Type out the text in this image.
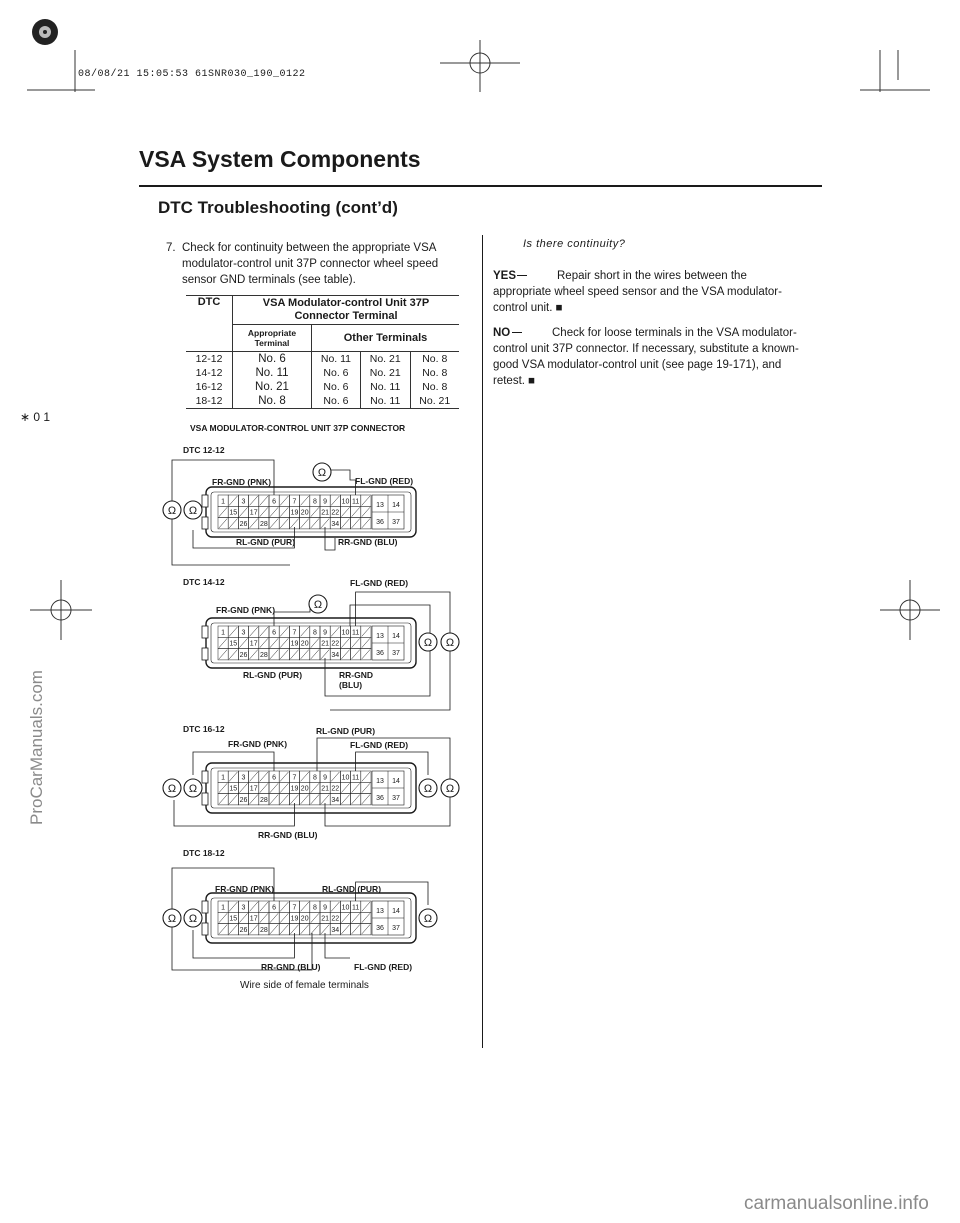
08/08/21 15:05:53 61SNR030_190_0122
VSA System Components
DTC Troubleshooting (cont’d)
∗ 0 1
7. Check for continuity between the appropriate VSA modulator-control unit 37P connector wheel speed sensor GND terminals (see table).
DTC	VSA Modulator-control Unit 37P Connector Terminal			
	Appropriate Terminal	Other Terminals		
12-12	No. 6	No. 11	No. 21	No. 8
14-12	No. 11	No. 6	No. 21	No. 8
16-12	No. 21	No. 6	No. 11	No. 8
18-12	No. 8	No. 6	No. 11	No. 21
VSA MODULATOR-CONTROL UNIT 37P CONNECTOR
1 3	6 7 8 9 10 11
15 17	19 20 21 22
26 28	34
13 14
36 37
DTC 12-12
FR-GND (PNK)	FL-GND (RED)
RL-GND (PUR)	RR-GND (BLU)
Ω
Ω
Ω
1 3	6 7 8 9 10 11
15 17	19 20 21 22
26 28	34
13 14
36 37
DTC 14-12
FR-GND (PNK)
FL-GND (RED)
RL-GND (PUR)	RR-GND
(BLU)
Ω
Ω
Ω
1 3	6 7 8 9 10 11
15 17	19 20 21 22
26 28	34
13 14
36 37
DTC 16-12
FR-GND (PNK)
RL-GND (PUR)
FL-GND (RED)
RR-GND (BLU)
Ω	Ω
Ω
Ω
1 3	6 7 8 9 10 11
15 17	19 20 21 22
26 28	34
13 14
36 37
DTC 18-12
FR-GND (PNK)	RL-GND (PUR)
RR-GND (BLU)	FL-GND (RED)
Ω
Ω	Ω
Wire side of female terminals
Is there continuity?
YES	Repair short in the wires between the appropriate wheel speed sensor and the VSA modulator-control unit. ■
NO	Check for loose terminals in the VSA modulator-control unit 37P connector. If necessary, substitute a known-good VSA modulator-control unit (see page 19-171), and retest. ■
ProCarManuals.com
carmanualsonline.info
